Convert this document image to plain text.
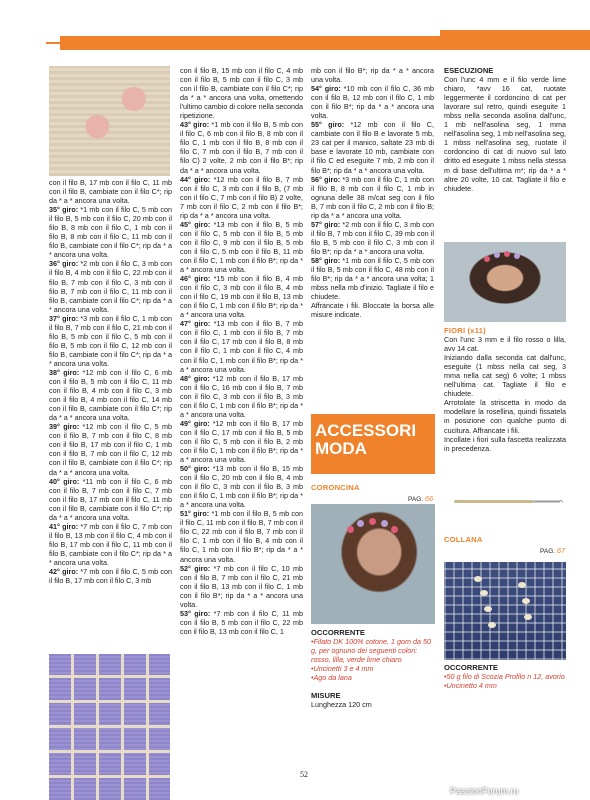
con il filo B, 17 mb con il filo C, 11 mb con il filo B, cambiate con il filo C*; rip da * a * ancora una volta.

35° giro: *1 mb con il filo C, 5 mb con il filo B, 5 mb con il filo C, 20 mb con il filo B, 8 mb con il filo C, 1 mb con il filo B, 8 mb con il filo C, 11 mb con il filo B, cambiate con il filo C*; rip da * a * ancora una volta.

36° giro: *2 mb con il filo C, 3 mb con il filo B, 4 mb con il filo C, 22 mb con il filo B, 7 mb con il filo C, 3 mb con il filo B, 7 mb con il filo C, 11 mb con il filo B, cambiate con il filo C*; rip da * a * ancora una volta.

37° giro: *3 mb con il filo C, 1 mb con il filo B, 7 mb con il filo C, 21 mb con il filo B, 5 mb con il filo C, 5 mb con il filo B, 5 mb con il filo C, 12 mb con il filo B, cambiate con il filo C*; rip da * a * ancora una volta.

38° giro: *12 mb con il filo C, 6 mb con il filo B, 5 mb con il filo C, 11 mb con il filo B, 4 mb con il filo C, 3 mb con il filo B, 4 mb con il filo C, 14 mb con il filo B, cambiate con il filo C*; rip da * a * ancora una volta.

39° giro: *12 mb con il filo C, 5 mb con il filo B, 7 mb con il filo C, 8 mb con il filo B, 17 mb con il filo C, 1 mb con il filo B, 7 mb con il filo C, 12 mb con il filo B, cambiate con il filo C*; rip da * a * ancora una volta.

40° giro: *11 mb con il filo C, 6 mb con il filo B, 7 mb con il filo C, 7 mb con il filo B, 17 mb con il filo C, 11 mb con il filo B, cambiate con il filo C*; rip da * a * ancora una volta.

41° giro: *7 mb con il filo C, 7 mb con il filo B, 13 mb con il filo C, 4 mb con il filo B, 17 mb con il filo C, 11 mb con il filo B, cambiate con il filo C*; rip da * a * ancora una volta.

42° giro: *7 mb con il filo C, 5 mb con il filo B, 17 mb con il filo C, 3 mb

con il filo B, 15 mb con il filo C, 4 mb con il filo B, 5 mb con il filo C, 3 mb con il filo B, cambiate con il filo C*; rip da * a * ancora una volta, omettendo l'ultimo cambio di colore nella seconda ripetizione.

43° giro: *1 mb con il filo B, 5 mb con il filo C, 6 mb con il filo B, 8 mb con il filo C, 1 mb con il filo B, 8 mb con il filo C, 7 mb con il filo B, 7 mb con il filo C) 2 volte, 2 mb con il filo B*; rip da * a * ancora una volta.

44° giro: *12 mb con il filo B, 7 mb con il filo C, 3 mb con il filo B, (7 mb con il filo C, 7 mb con il filo B) 2 volte, 7 mb con il filo C, 2 mb con il filo B*; rip da * a * ancora una volta.

45° giro: *13 mb con il filo B, 5 mb con il filo C, 5 mb con il filo B, 5 mb con il filo C, 9 mb con il filo B, 5 mb con il filo C, 5 mb con il filo B, 11 mb con il filo C, 1 mb con il filo B*; rip da * a * ancora una volta.

46° giro: *15 mb con il filo B, 4 mb con il filo C, 3 mb con il filo B, 4 mb con il filo C, 19 mb con il filo B, 13 mb con il filo C, 1 mb con il filo B*; rip da * a * ancora una volta.

47° giro: *13 mb con il filo B, 7 mb con il filo C, 1 mb con il filo B, 7 mb con il filo C, 17 mb con il filo B, 8 mb con il filo C, 1 mb con il filo C, 4 mb con il filo C, 1 mb con il filo B*; rip da * a * ancora una volta.

48° giro: *12 mb con il filo B, 17 mb con il filo C, 16 mb con il filo B, 7 mb con il filo C, 3 mb con il filo B, 3 mb con il filo C, 1 mb con il filo B*; rip da * a * ancora una volta.

49° giro: *12 mb con il filo B, 17 mb con il filo C, 17 mb con il filo B, 5 mb con il filo C, 5 mb con il filo B, 2 mb con il filo C, 1 mb con il filo B*; rip da * a * ancora una volta.

50° giro: *13 mb con il filo B, 15 mb con il filo C, 20 mb con il filo B, 4 mb con il filo C, 3 mb con il filo B, 3 mb con il filo C, 1 mb con il filo B*; rip da * a * ancora una volta.

51° giro: *1 mb con il filo B, 5 mb con il filo C, 11 mb con il filo B, 7 mb con il filo C, 22 mb con il filo B, 7 mb con il filo C, 1 mb con il filo B, 4 mb con il filo C, 1 mb con il filo B*; rip da * a * ancora una volta.

52° giro: *7 mb con il filo C, 10 mb con il filo B, 7 mb con il filo C, 21 mb con il filo B, 13 mb con il filo C, 1 mb con il filo B*; rip da * a * ancora una volta.

53° giro: *7 mb con il filo C, 11 mb con il filo B, 5 mb con il filo C, 22 mb con il filo B, 13 mb con il filo C, 1

mb con il filo B*; rip da * a * ancora una volta.

54° giro: *10 mb con il filo C, 36 mb con il filo B, 12 mb con il filo C, 1 mb con il filo B*; rip da * a * ancora una volta.

55° giro: *12 mb con il filo C, cambiate con il filo B e lavorate 5 mb, 23 cat per il manico, saltate 23 mb di base e lavorate 10 mb, cambiate con il filo C ed eseguite 7 mb, 2 mb con il filo B*; rip da * a * ancora una volta.

56° giro: *3 mb con il filo C, 1 mb con il filo B, 8 mb con il filo C, 1 mb in ognuna delle 38 m/cat seg con il filo B, 7 mb con il filo C, 2 mb con il filo B; rip da * a * ancora una volta.

57° giro: *2 mb con il filo C, 3 mb con il filo B, 7 mb con il filo C, 39 mb con il filo B, 5 mb con il filo C, 3 mb con il filo B*; rip da * a * ancora una volta.

58° giro: *1 mb con il filo C, 5 mb con il filo B, 5 mb con il filo C, 48 mb con il filo B*; rip da * a * ancora una volta; 1 mbss nella mb d'inizio. Tagliate il filo e chiudete.

Affrancate i fili. Bloccate la borsa alle misure indicate.

ACCESSORI
MODA
CORONCINA
PAG. 66
OCCORRENTE
•Filato DK 100% cotone, 1 gom da 50 g, per ognuno dei seguenti colori: rosso, lilla, verde lime chiaro
•Uncinetti 3 e 4 mm
•Ago da lana
MISURE
Lunghezza 120 cm
ESECUZIONE

Con l'unc 4 mm e il filo verde lime chiaro, *avv 16 cat, ruotate leggermente il cordoncino di cat per lavorare sul retro, quindi eseguite 1 mbss nella seconda asolina dall'unc, 1 mb nell'asolina seg, 1 mma nell'asolina seg, 1 mb nell'asolina seg, 1 mbss nell'asolina seg, ruotate il cordoncino di cat di nuovo sul lato dritto ed eseguite 1 mbss nella stessa m di base dell'ultima m*; rip da * a * altre 20 volte, 10 cat. Tagliate il filo e chiudete.

FIORI (x11)

Con l'unc 3 mm e il filo rosso o lilla, avv 14 cat.

Iniziando dalla seconda cat dall'unc, eseguite (1 mbss nella cat seg, 3 mma nella cat seg) 6 volte; 1 mbss nell'ultima cat. Tagliate il filo e chiudete.

Arrotolate la striscetta in modo da modellare la rosellina, quindi fissatela in posizione con qualche punto di cucitura. Affrancate i fili.

Incollate i fiori sulla fascetta realizzata in precedenza.

COLLANA
PAG. 67
OCCORRENTE
•50 g filo di Scozia Profilo n 12, avorio
•Uncinetto 4 mm
52
PassionForum.ru
